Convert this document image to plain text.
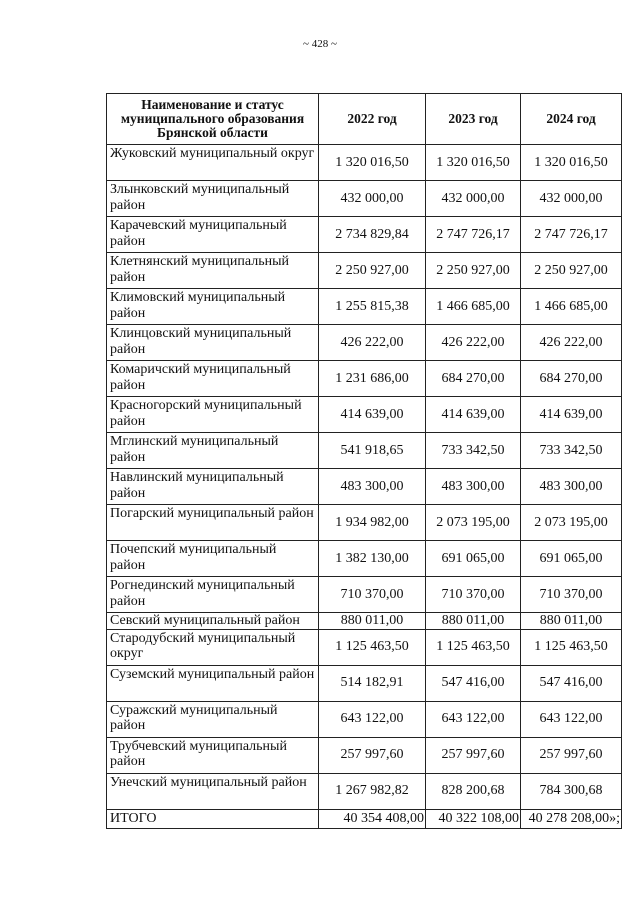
~ 428 ~
Наименование и статус муниципального образования Брянской области	2022 год	2023 год	2024 год
Жуковский муниципальный округ	1 320 016,50	1 320 016,50	1 320 016,50
Злынковский муниципальный район	432 000,00	432 000,00	432 000,00
Карачевский муниципальный район	2 734 829,84	2 747 726,17	2 747 726,17
Клетнянский муниципальный район	2 250 927,00	2 250 927,00	2 250 927,00
Климовский муниципальный район	1 255 815,38	1 466 685,00	1 466 685,00
Клинцовский муниципальный район	426 222,00	426 222,00	426 222,00
Комаричский муниципальный район	1 231 686,00	684 270,00	684 270,00
Красногорский муниципальный район	414 639,00	414 639,00	414 639,00
Мглинский муниципальный район	541 918,65	733 342,50	733 342,50
Навлинский муниципальный район	483 300,00	483 300,00	483 300,00
Погарский муниципальный район	1 934 982,00	2 073 195,00	2 073 195,00
Почепский муниципальный район	1 382 130,00	691 065,00	691 065,00
Рогнединский муниципальный район	710 370,00	710 370,00	710 370,00
Севский муниципальный район	880 011,00	880 011,00	880 011,00
Стародубский муниципальный округ	1 125 463,50	1 125 463,50	1 125 463,50
Суземский муниципальный район	514 182,91	547 416,00	547 416,00
Суражский муниципальный район	643 122,00	643 122,00	643 122,00
Трубчевский муниципальный район	257 997,60	257 997,60	257 997,60
Унечский муниципальный район	1 267 982,82	828 200,68	784 300,68
ИТОГО	40 354 408,00	40 322 108,00	40 278 208,00»;
